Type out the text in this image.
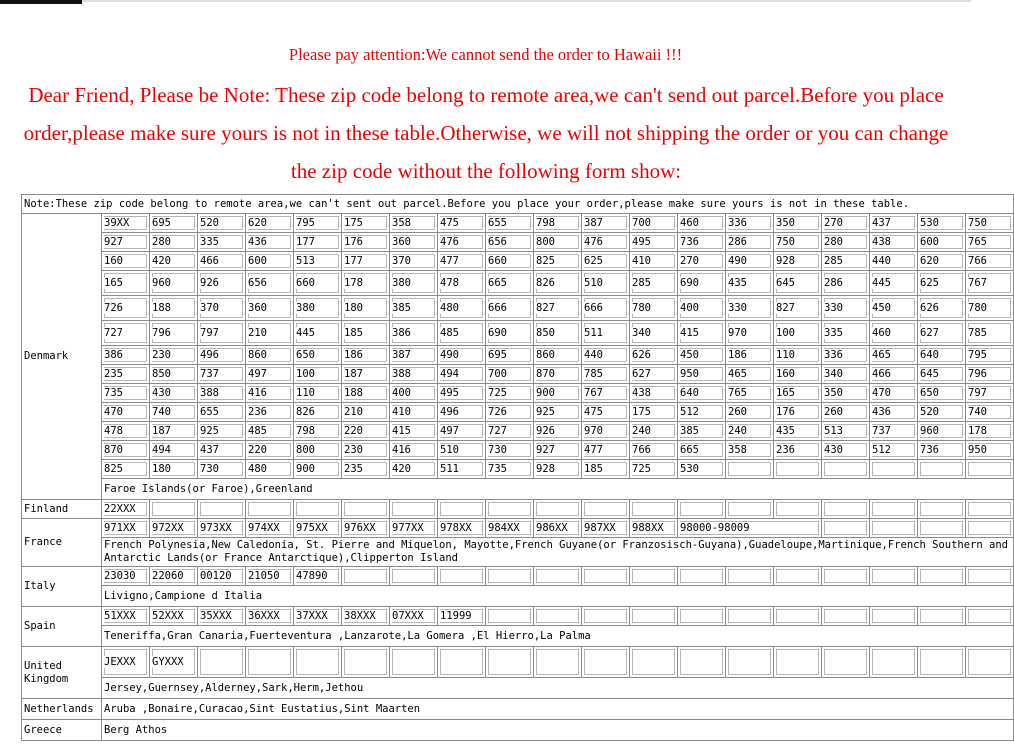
Please pay attention:We cannot send the order to Hawaii !!!
Dear Friend, Please be Note: These zip code belong to remote area,we can't send out parcel.Before you place order,please make sure yours is not in these table.Otherwise, we will not shipping the order or you can change the zip code without the following form show:
Note:These zip code belong to remote area,we can't sent out parcel.Before you place your order,please make sure yours is not in these table.																			
Denmark	39XX	695	520	620	795	175	358	475	655	798	387	700	460	336	350	270	437	530	750
	927	280	335	436	177	176	360	476	656	800	476	495	736	286	750	280	438	600	765
	160	420	466	600	513	177	370	477	660	825	625	410	270	490	928	285	440	620	766
	165	960	926	656	660	178	380	478	665	826	510	285	690	435	645	286	445	625	767
	726	188	370	360	380	180	385	480	666	827	666	780	400	330	827	330	450	626	780
	727	796	797	210	445	185	386	485	690	850	511	340	415	970	100	335	460	627	785
	386	230	496	860	650	186	387	490	695	860	440	626	450	186	110	336	465	640	795
	235	850	737	497	100	187	388	494	700	870	785	627	950	465	160	340	466	645	796
	735	430	388	416	110	188	400	495	725	900	767	438	640	765	165	350	470	650	797
	470	740	655	236	826	210	410	496	726	925	475	175	512	260	176	260	436	520	740
	478	187	925	485	798	220	415	497	727	926	970	240	385	240	435	513	737	960	178
	870	494	437	220	800	230	416	510	730	927	477	766	665	358	236	430	512	736	950
	825	180	730	480	900	235	420	511	735	928	185	725	530						
	Faroe Islands(or Faroe),Greenland																		
Finland	22XXX																		
France	971XX	972XX	973XX	974XX	975XX	976XX	977XX	978XX	984XX	986XX	987XX	988XX	98000-98009						
	French Polynesia,New Caledonia, St. Pierre and Miquelon, Mayotte,French Guyane(or Franzosisch-Guyana),Guadeloupe,Martinique,French Southern and Antarctic Lands(or France Antarctique),Clipperton Island																		
Italy	23030	22060	00120	21050	47890														
	Livigno,Campione d Italia																		
Spain	51XXX	52XXX	35XXX	36XXX	37XXX	38XXX	07XXX	11999											
	Teneriffa,Gran Canaria,Fuerteventura ,Lanzarote,La Gomera ,El Hierro,La Palma																		
United Kingdom	JEXXX	GYXXX																	
	Jersey,Guernsey,Alderney,Sark,Herm,Jethou																		
Netherlands	Aruba ,Bonaire,Curacao,Sint Eustatius,Sint Maarten																		
Greece	Berg Athos																		
